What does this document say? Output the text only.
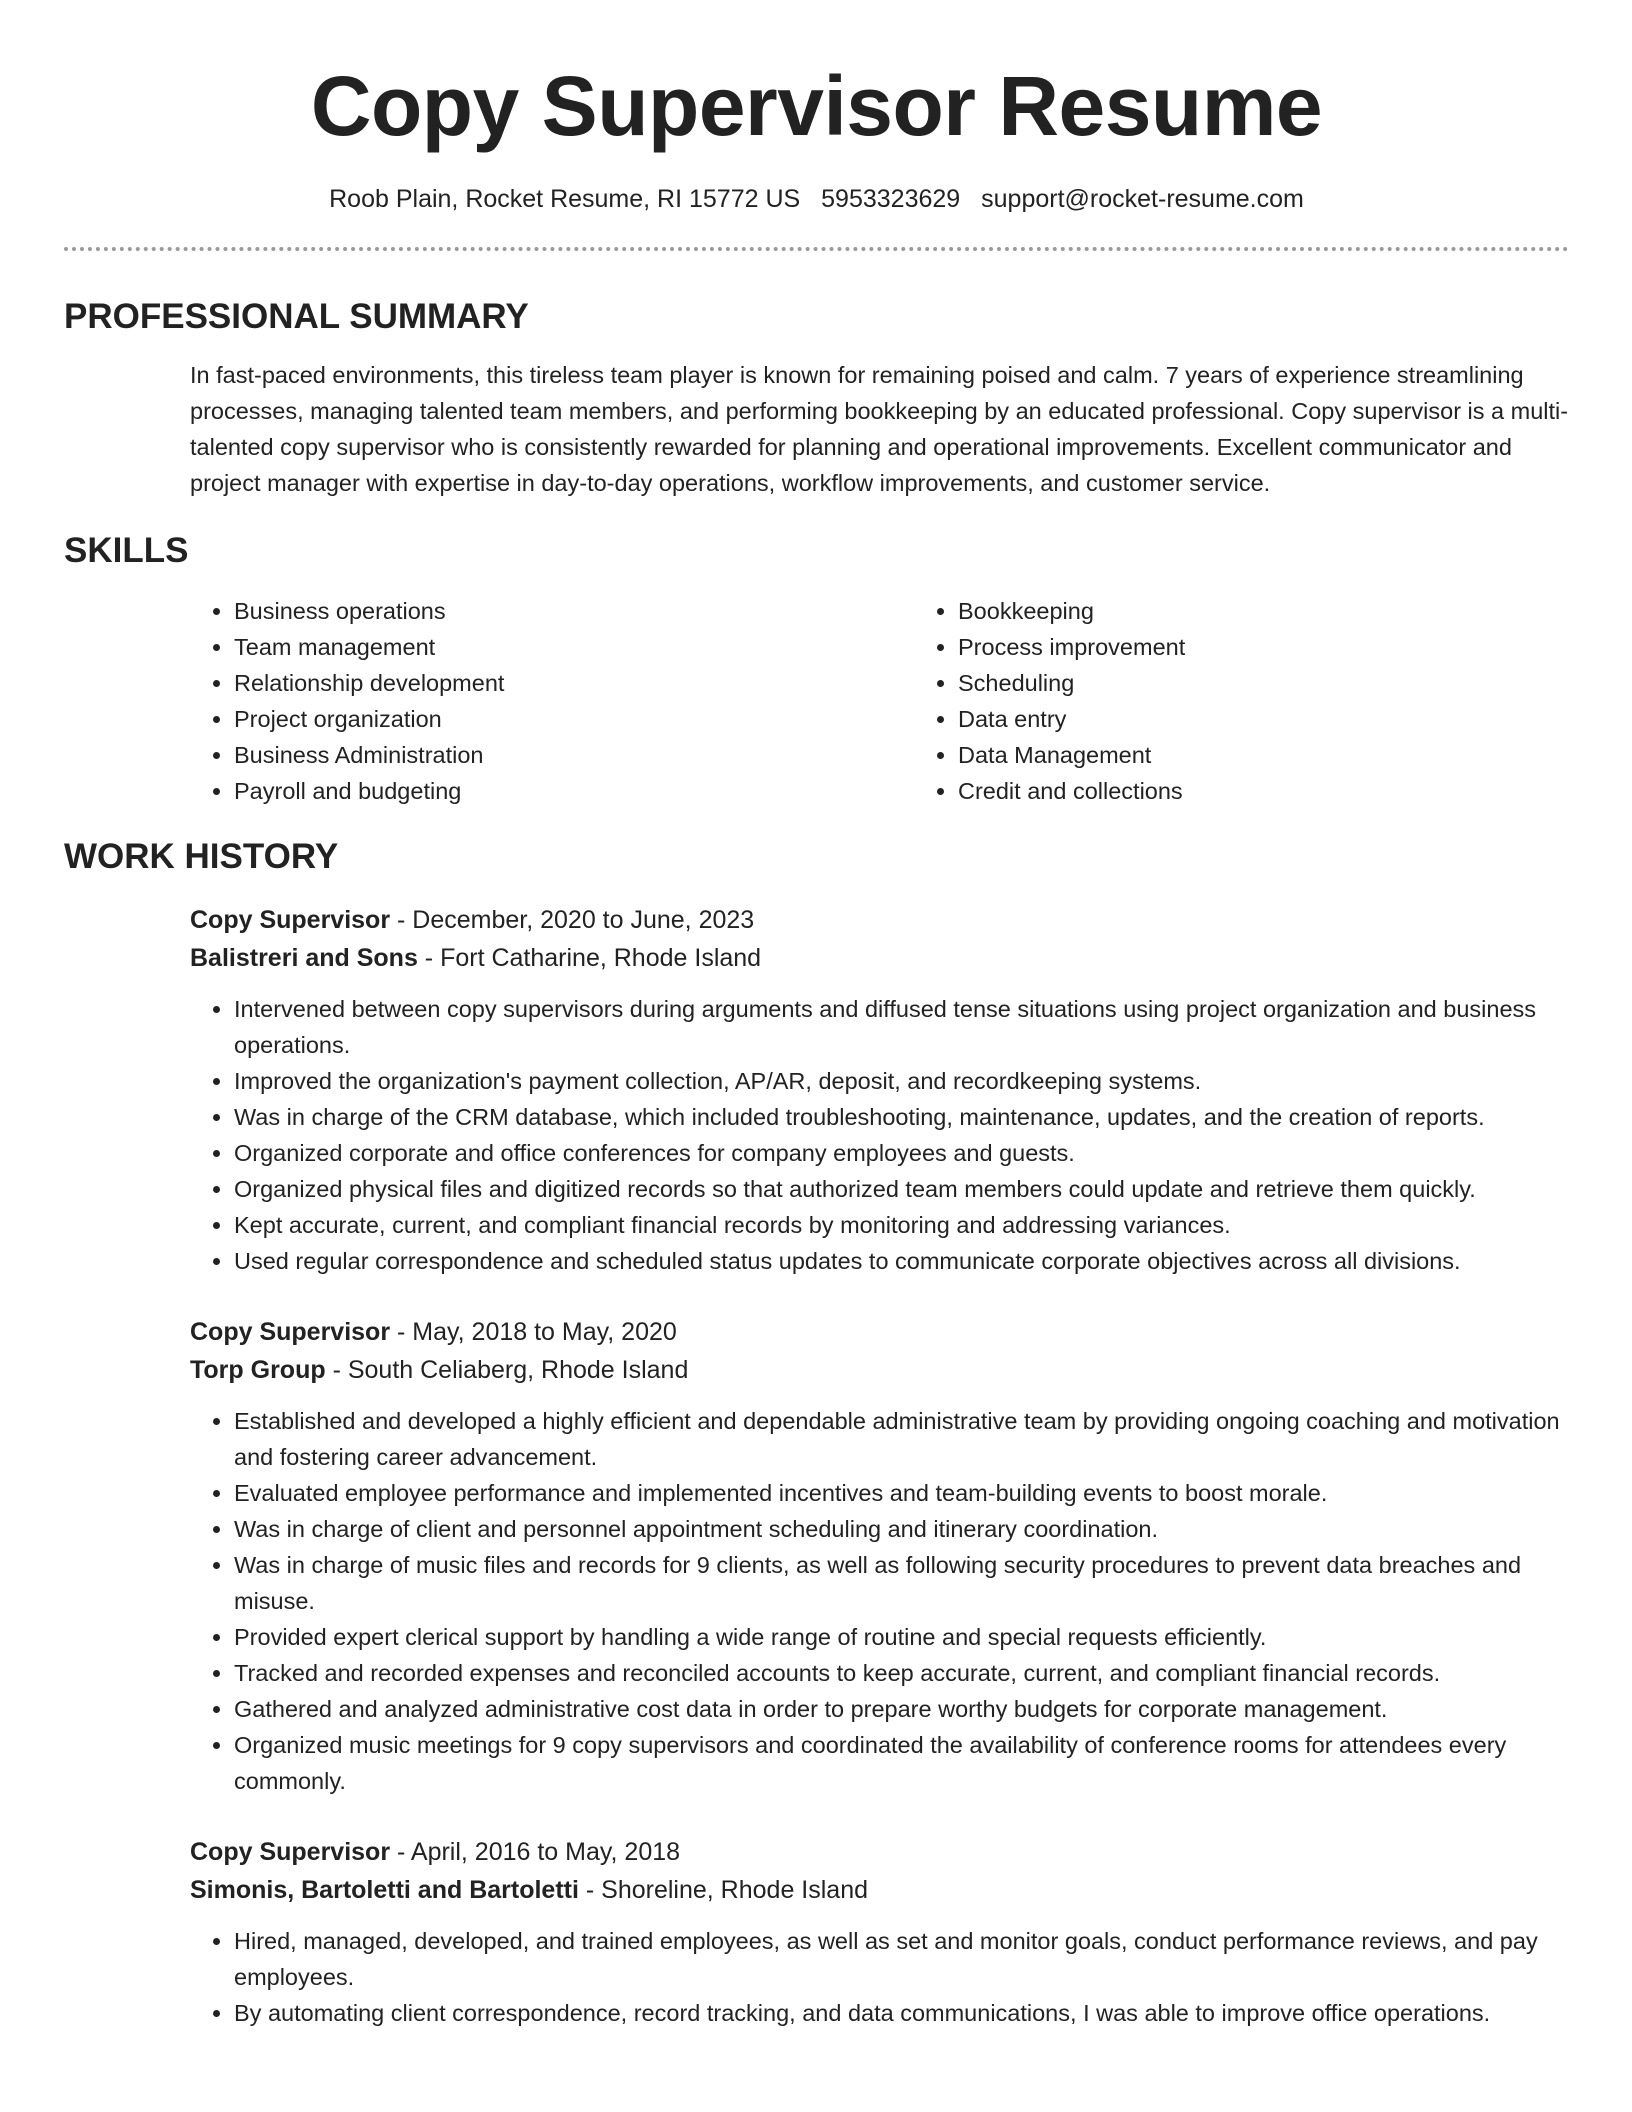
Copy Supervisor Resume
Roob Plain, Rocket Resume, RI 15772 US 5953323629 support@rocket-resume.com
PROFESSIONAL SUMMARY

In fast-paced environments, this tireless team player is known for remaining poised and calm. 7 years of experience streamlining processes, managing talented team members, and performing bookkeeping by an educated professional. Copy supervisor is a multi-talented copy supervisor who is consistently rewarded for planning and operational improvements. Excellent communicator and project manager with expertise in day-to-day operations, workflow improvements, and customer service.

SKILLS
• Business operations
• Team management
• Relationship development
• Project organization
• Business Administration
• Payroll and budgeting
• Bookkeeping
• Process improvement
• Scheduling
• Data entry
• Data Management
• Credit and collections
WORK HISTORY
Copy Supervisor - December, 2020 to June, 2023
Balistreri and Sons - Fort Catharine, Rhode Island
• Intervened between copy supervisors during arguments and diffused tense situations using project organization and business operations.
• Improved the organization's payment collection, AP/AR, deposit, and recordkeeping systems.
• Was in charge of the CRM database, which included troubleshooting, maintenance, updates, and the creation of reports.
• Organized corporate and office conferences for company employees and guests.
• Organized physical files and digitized records so that authorized team members could update and retrieve them quickly.
• Kept accurate, current, and compliant financial records by monitoring and addressing variances.
• Used regular correspondence and scheduled status updates to communicate corporate objectives across all divisions.
Copy Supervisor - May, 2018 to May, 2020
Torp Group - South Celiaberg, Rhode Island
• Established and developed a highly efficient and dependable administrative team by providing ongoing coaching and motivation and fostering career advancement.
• Evaluated employee performance and implemented incentives and team-building events to boost morale.
• Was in charge of client and personnel appointment scheduling and itinerary coordination.
• Was in charge of music files and records for 9 clients, as well as following security procedures to prevent data breaches and misuse.
• Provided expert clerical support by handling a wide range of routine and special requests efficiently.
• Tracked and recorded expenses and reconciled accounts to keep accurate, current, and compliant financial records.
• Gathered and analyzed administrative cost data in order to prepare worthy budgets for corporate management.
• Organized music meetings for 9 copy supervisors and coordinated the availability of conference rooms for attendees every commonly.
Copy Supervisor - April, 2016 to May, 2018
Simonis, Bartoletti and Bartoletti - Shoreline, Rhode Island
• Hired, managed, developed, and trained employees, as well as set and monitor goals, conduct performance reviews, and pay employees.
• By automating client correspondence, record tracking, and data communications, I was able to improve office operations.
